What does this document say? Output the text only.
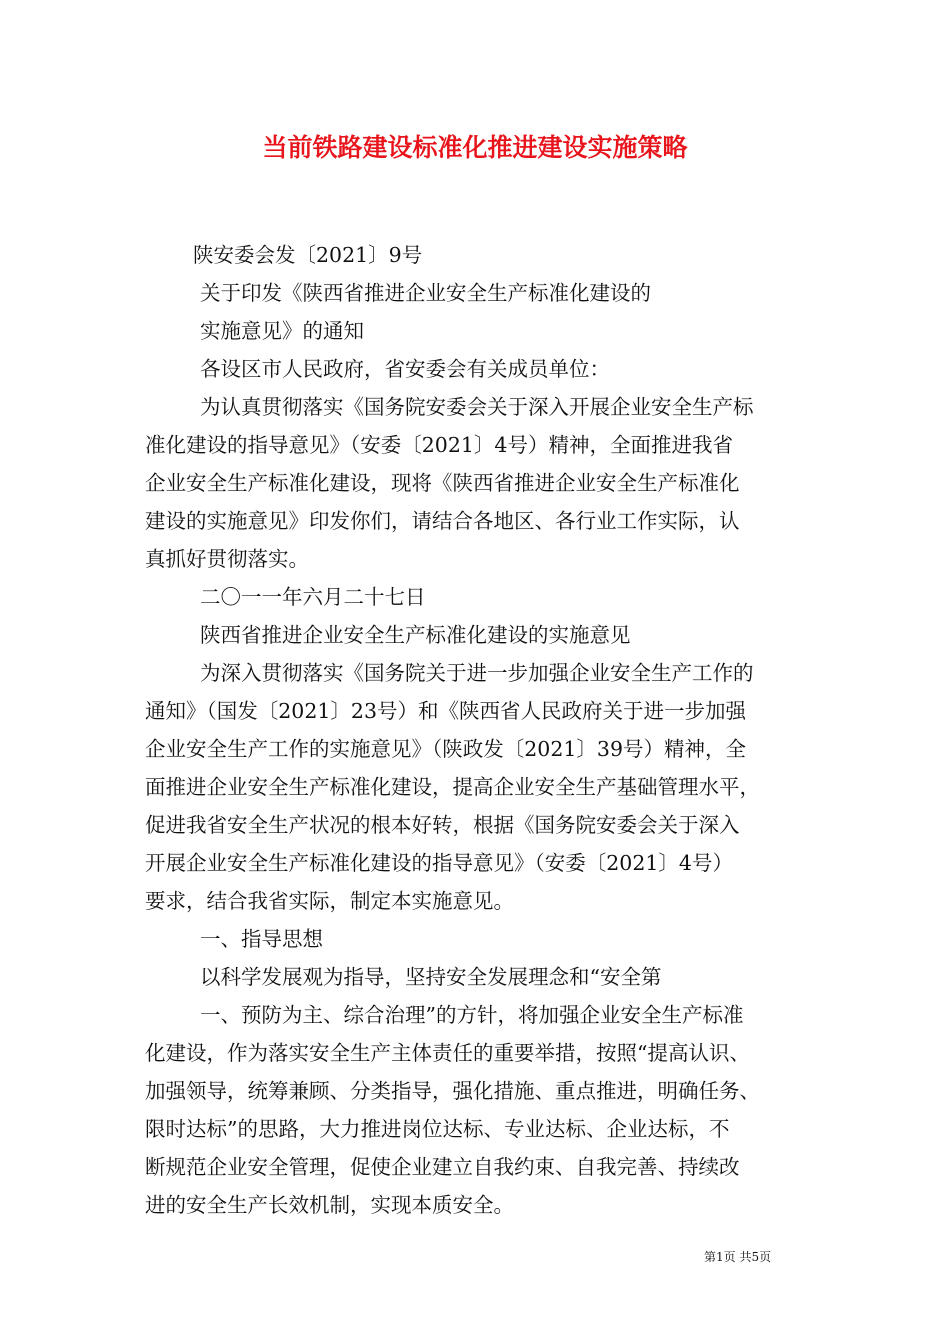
当前铁路建设标准化推进建设实施策略
陕安委会发〔2021〕9号
关于印发《陕西省推进企业安全生产标准化建设的
实施意见》的通知
各设区市人民政府，省安委会有关成员单位：
为认真贯彻落实《国务院安委会关于深入开展企业安全生产标
准化建设的指导意见》（安委〔2021〕4号）精神，全面推进我省
企业安全生产标准化建设，现将《陕西省推进企业安全生产标准化
建设的实施意见》印发你们，请结合各地区、各行业工作实际，认
真抓好贯彻落实。
二〇一一年六月二十七日
陕西省推进企业安全生产标准化建设的实施意见
为深入贯彻落实《国务院关于进一步加强企业安全生产工作的
通知》（国发〔2021〕23号）和《陕西省人民政府关于进一步加强
企业安全生产工作的实施意见》（陕政发〔2021〕39号）精神，全
面推进企业安全生产标准化建设，提高企业安全生产基础管理水平，
促进我省安全生产状况的根本好转，根据《国务院安委会关于深入
开展企业安全生产标准化建设的指导意见》（安委〔2021〕4号）
要求，结合我省实际，制定本实施意见。
一、指导思想
以科学发展观为指导，坚持安全发展理念和“安全第
一、预防为主、综合治理”的方针，将加强企业安全生产标准
化建设，作为落实安全生产主体责任的重要举措，按照“提高认识、
加强领导，统筹兼顾、分类指导，强化措施、重点推进，明确任务、
限时达标”的思路，大力推进岗位达标、专业达标、企业达标，不
断规范企业安全管理，促使企业建立自我约束、自我完善、持续改
进的安全生产长效机制，实现本质安全。
第1页 共5页
